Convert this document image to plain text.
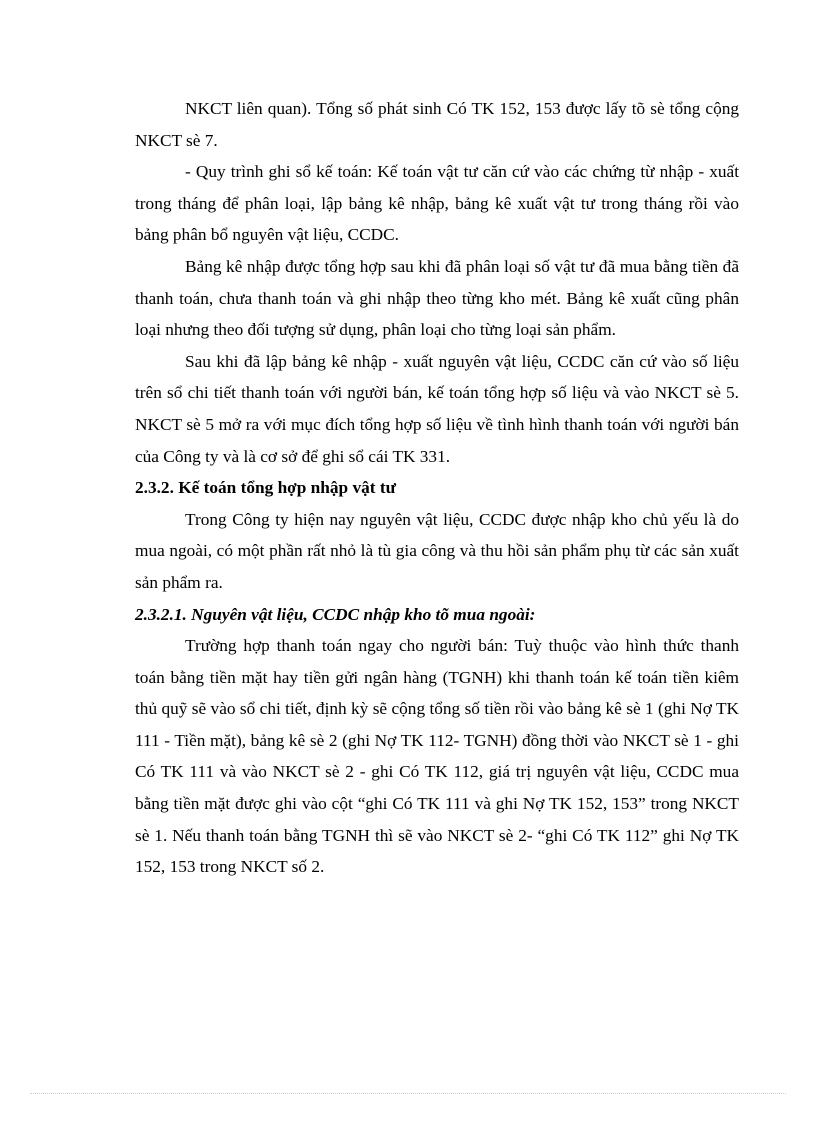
NKCT liên quan). Tổng số phát sinh Có TK 152, 153 được lấy tõ sè tổng cộng NKCT sè 7.

- Quy trình ghi sổ kế toán: Kế toán vật tư căn cứ vào các chứng từ nhập - xuất trong tháng để phân loại, lập bảng kê nhập, bảng kê xuất vật tư trong tháng rồi vào bảng phân bổ nguyên vật liệu, CCDC.

Bảng kê nhập được tổng hợp sau khi đã phân loại số vật tư đã mua bằng tiền đã thanh toán, chưa thanh toán và ghi nhập theo từng kho mét. Bảng kê xuất cũng phân loại nhưng theo đối tượng sử dụng, phân loại cho từng loại sản phẩm.

Sau khi đã lập bảng kê nhập - xuất nguyên vật liệu, CCDC căn cứ vào số liệu trên sổ chi tiết thanh toán với người bán, kế toán tổng hợp số liệu và vào NKCT sè 5. NKCT sè 5 mở ra với mục đích tổng hợp số liệu về tình hình thanh toán với người bán của Công ty và là cơ sở để ghi sổ cái TK 331.

2.3.2. Kế toán tổng hợp nhập vật tư

Trong Công ty hiện nay nguyên vật liệu, CCDC được nhập kho chủ yếu là do mua ngoài, có một phần rất nhỏ là tù gia công và thu hồi sản phẩm phụ từ các sản xuất sản phẩm ra.

2.3.2.1. Nguyên vật liệu, CCDC nhập kho tõ mua ngoài:

Trường hợp thanh toán ngay cho người bán: Tuỳ thuộc vào hình thức thanh toán bằng tiền mặt hay tiền gửi ngân hàng (TGNH) khi thanh toán kế toán tiền kiêm thủ quỹ sẽ vào sổ chi tiết, định kỳ sẽ cộng tổng số tiền rồi vào bảng kê sè 1 (ghi Nợ TK 111 - Tiền mặt), bảng kê sè 2 (ghi Nợ TK 112- TGNH) đồng thời vào NKCT sè 1 - ghi Có TK 111 và vào NKCT sè 2 - ghi Có TK 112, giá trị nguyên vật liệu, CCDC mua bằng tiền mặt được ghi vào cột “ghi Có TK 111 và ghi Nợ TK 152, 153” trong NKCT sè 1. Nếu thanh toán bằng TGNH thì sẽ vào NKCT sè 2- “ghi Có TK 112” ghi Nợ TK 152, 153 trong NKCT số 2.
